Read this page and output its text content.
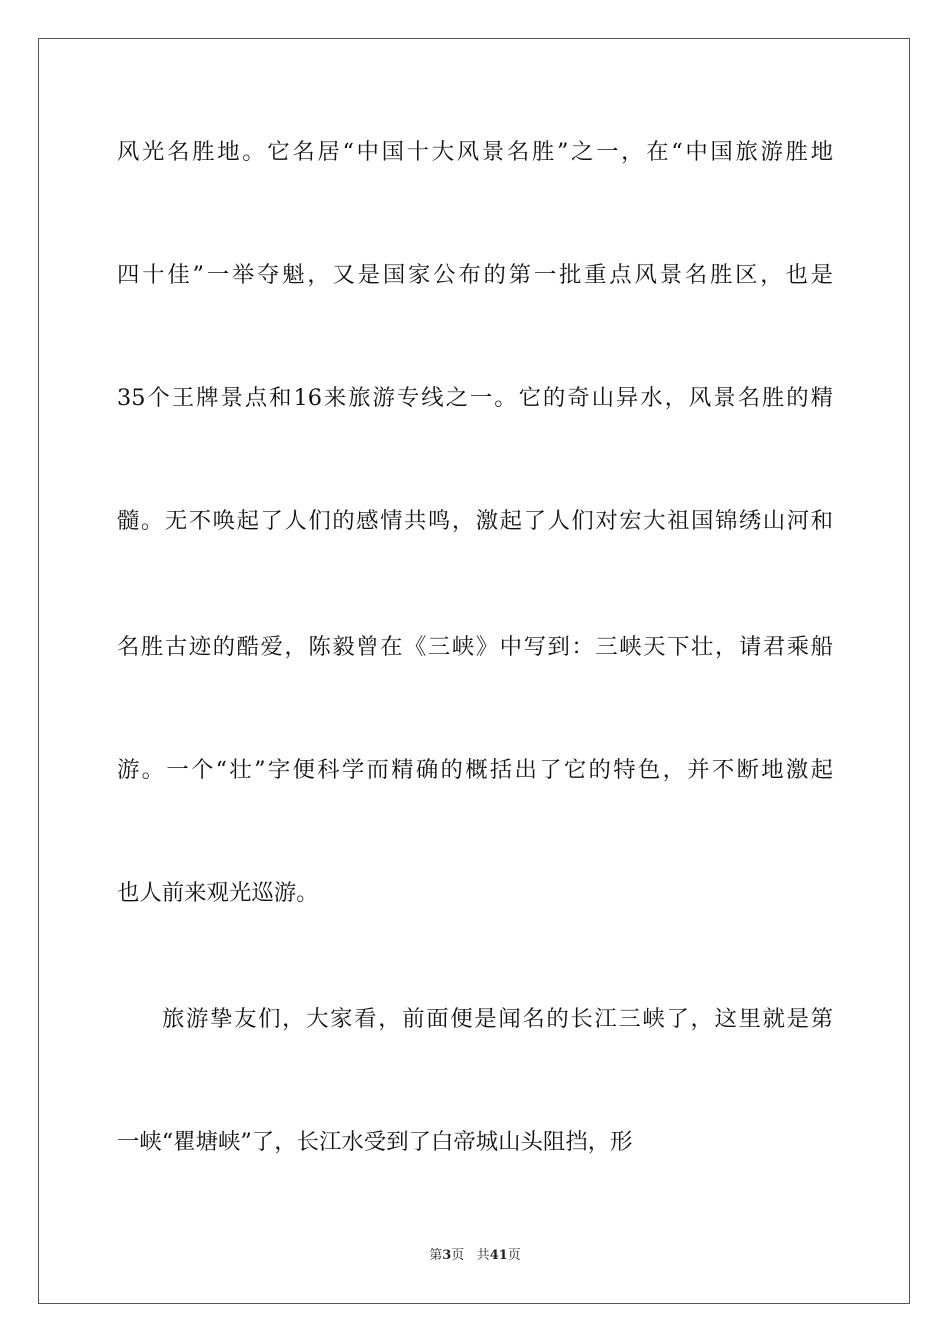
风光名胜地。它名居“中国十大风景名胜”之一，在“中国旅游胜地
四十佳”一举夺魁，又是国家公布的第一批重点风景名胜区，也是
35个王牌景点和16来旅游专线之一。它的奇山异水，风景名胜的精
髓。无不唤起了人们的感情共鸣，激起了人们对宏大祖国锦绣山河和
名胜古迹的酷爱，陈毅曾在《三峡》中写到：三峡天下壮，请君乘船
游。一个“壮”字便科学而精确的概括出了它的特色，并不断地激起
也人前来观光巡游。
旅游挚友们，大家看，前面便是闻名的长江三峡了，这里就是第
一峡“瞿塘峡”了，长江水受到了白帝城山头阻挡，形
第3页 共41页
